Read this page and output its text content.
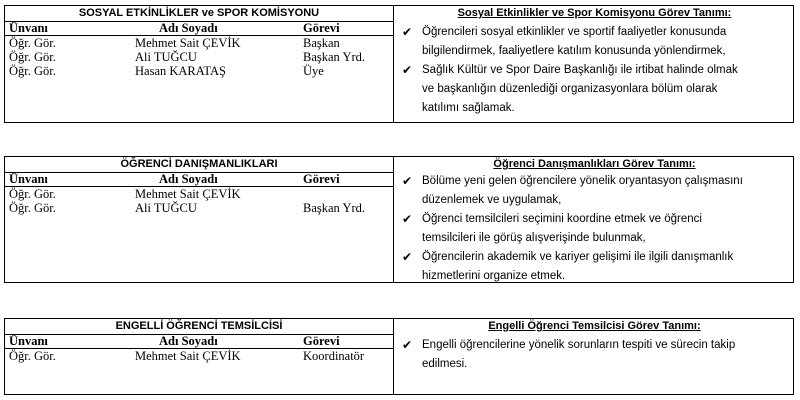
SOSYAL ETKİNLİKLER ve SPOR KOMİSYONU
Ünvanı	Adı Soyadı	Görevi
Öğr. Gör.	Mehmet Sait ÇEVİK	Başkan
Öğr. Gör.	Ali TUĞCU	Başkan Yrd.
Öğr. Gör.	Hasan KARATAŞ	Üye
Sosyal Etkinlikler ve Spor Komisyonu Görev Tanımı:
✔ Öğrencileri sosyal etkinlikler ve sportif faaliyetler konusunda
bilgilendirmek, faaliyetlere katılım konusunda yönlendirmek,
✔ Sağlık Kültür ve Spor Daire Başkanlığı ile irtibat halinde olmak
ve başkanlığın düzenlediği organizasyonlara bölüm olarak
katılımı sağlamak.
ÖĞRENCİ DANIŞMANLIKLARI
Ünvanı	Adı Soyadı	Görevi
Öğr. Gör.	Mehmet Sait ÇEVİK
Öğr. Gör.	Ali TUĞCU	Başkan Yrd.
Öğrenci Danışmanlıkları Görev Tanımı:
✔ Bölüme yeni gelen öğrencilere yönelik oryantasyon çalışmasını
düzenlemek ve uygulamak,
✔ Öğrenci temsilcileri seçimini koordine etmek ve öğrenci
temsilcileri ile görüş alışverişinde bulunmak,
✔ Öğrencilerin akademik ve kariyer gelişimi ile ilgili danışmanlık
hizmetlerini organize etmek.
ENGELLİ ÖĞRENCİ TEMSİLCİSİ
Ünvanı	Adı Soyadı	Görevi
Öğr. Gör.	Mehmet Sait ÇEVİK	Koordinatör
Engelli Öğrenci Temsilcisi Görev Tanımı:
✔ Engelli öğrencilerine yönelik sorunların tespiti ve sürecin takip
edilmesi.
